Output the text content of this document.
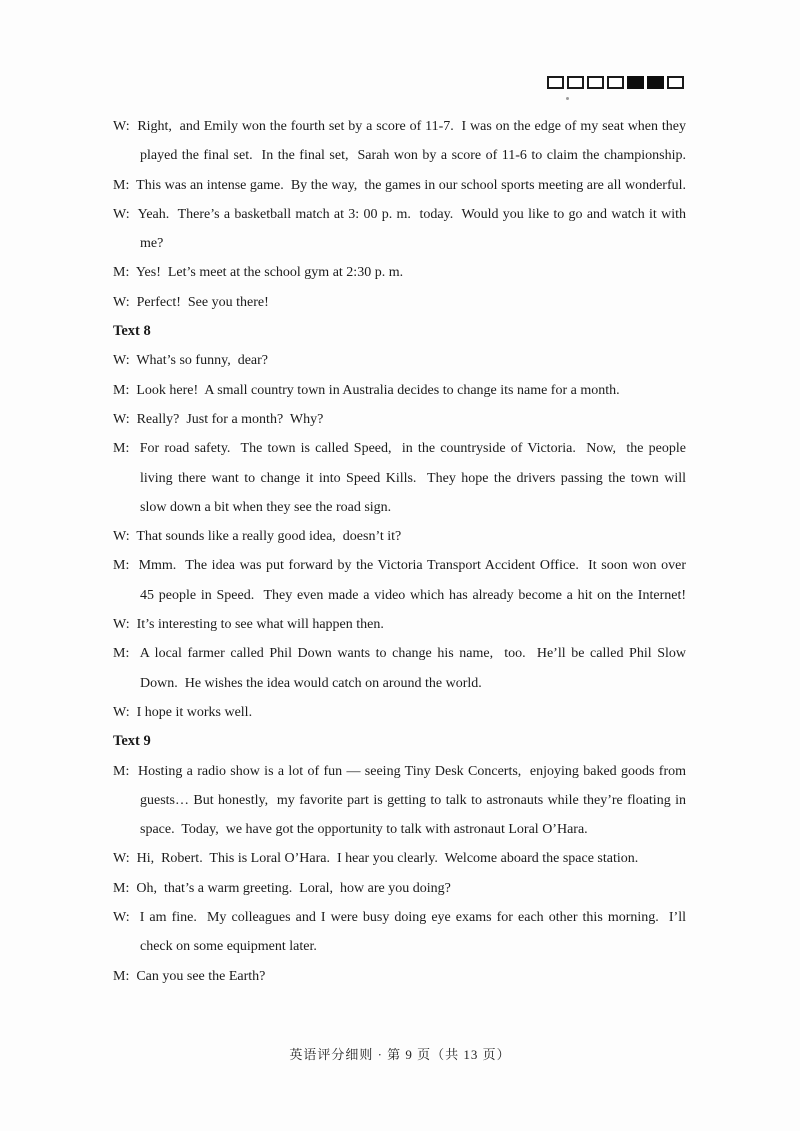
W:  Right,  and Emily won the fourth set by a score of 11-7.  I was on the edge of my seat when they
played the final set.  In the final set,  Sarah won by a score of 11-6 to claim the championship.
M:  This was an intense game.  By the way,  the games in our school sports meeting are all wonderful.
W:  Yeah.  There’s a basketball match at 3: 00 p. m.  today.  Would you like to go and watch it with
me?
M:  Yes!  Let’s meet at the school gym at 2:30 p. m.
W:  Perfect!  See you there!
Text 8
W:  What’s so funny,  dear?
M:  Look here!  A small country town in Australia decides to change its name for a month.
W:  Really?  Just for a month?  Why?
M:  For road safety.  The town is called Speed,  in the countryside of Victoria.  Now,  the people
living there want to change it into Speed Kills.  They hope the drivers passing the town will
slow down a bit when they see the road sign.
W:  That sounds like a really good idea,  doesn’t it?
M:  Mmm.  The idea was put forward by the Victoria Transport Accident Office.  It soon won over
45 people in Speed.  They even made a video which has already become a hit on the Internet!
W:  It’s interesting to see what will happen then.
M:  A local farmer called Phil Down wants to change his name,  too.  He’ll be called Phil Slow
Down.  He wishes the idea would catch on around the world.
W:  I hope it works well.
Text 9
M:  Hosting a radio show is a lot of fun — seeing Tiny Desk Concerts,  enjoying baked goods from
guests… But honestly,  my favorite part is getting to talk to astronauts while they’re floating in
space.  Today,  we have got the opportunity to talk with astronaut Loral O’Hara.
W:  Hi,  Robert.  This is Loral O’Hara.  I hear you clearly.  Welcome aboard the space station.
M:  Oh,  that’s a warm greeting.  Loral,  how are you doing?
W:  I am fine.  My colleagues and I were busy doing eye exams for each other this morning.  I’ll
check on some equipment later.
M:  Can you see the Earth?
英语评分细则 · 第 9 页（共 13 页）
